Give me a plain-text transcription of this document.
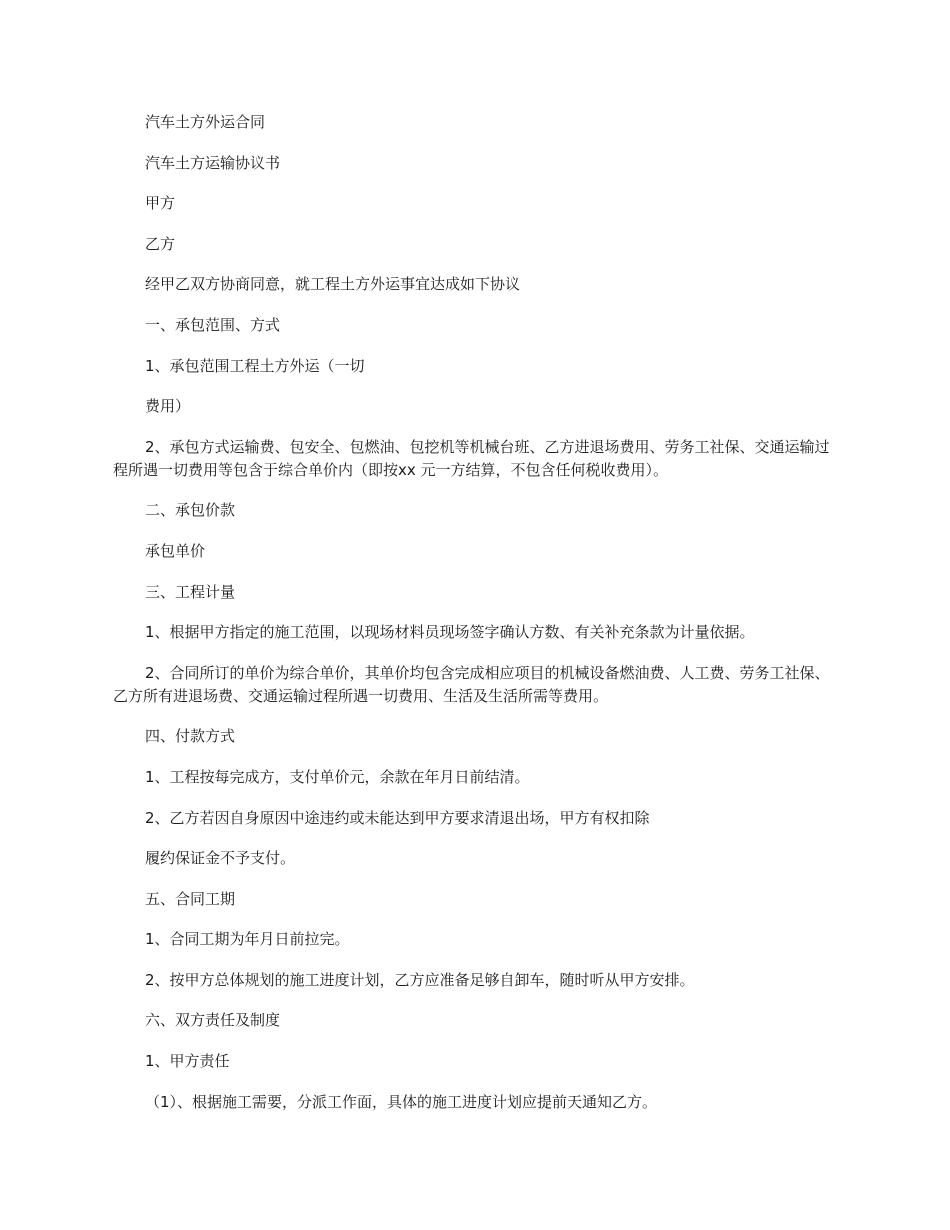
汽车土方外运合同

汽车土方运输协议书

甲方

乙方

经甲乙双方协商同意，就工程土方外运事宜达成如下协议

一、承包范围、方式

1、承包范围工程土方外运（一切

费用）

2、承包方式运输费、包安全、包燃油、包挖机等机械台班、乙方进退场费用、劳务工社保、交通运输过程所遇一切费用等包含于综合单价内（即按xx 元一方结算，不包含任何税收费用）。

二、承包价款

承包单价

三、工程计量

1、根据甲方指定的施工范围，以现场材料员现场签字确认方数、有关补充条款为计量依据。

2、合同所订的单价为综合单价，其单价均包含完成相应项目的机械设备燃油费、人工费、劳务工社保、乙方所有进退场费、交通运输过程所遇一切费用、生活及生活所需等费用。

四、付款方式

1、工程按每完成方，支付单价元，余款在年月日前结清。

2、乙方若因自身原因中途违约或未能达到甲方要求清退出场，甲方有权扣除

履约保证金不予支付。

五、合同工期

1、合同工期为年月日前拉完。

2、按甲方总体规划的施工进度计划，乙方应准备足够自卸车，随时听从甲方安排。

六、双方责任及制度

1、甲方责任

（1）、根据施工需要，分派工作面，具体的施工进度计划应提前天通知乙方。
